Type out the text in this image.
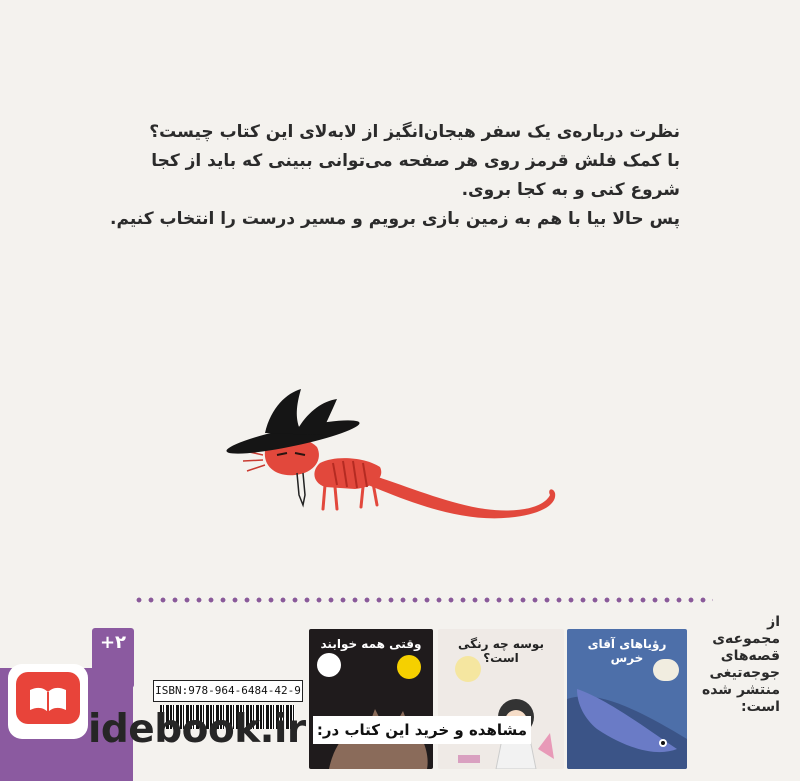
نظرت درباره‌ی یک سفر هیجان‌انگیز از لابه‌لای این کتاب چیست؟

با کمک فلش قرمز روی هر صفحه می‌توانی ببینی که باید از کجا

شروع کنی و به کجا بروی.

پس حالا بیا با هم به زمین بازی برویم و مسیر درست را انتخاب کنیم.

از مجموعه‌ی
قصه‌های
جوجه‌تیغی
منتشر شده
است:
رؤیاهای آقای خرس
بوسه چه رنگی است؟
وقتی همه خوابند
+۲
ISBN:978-964-6484-42-9
idebook.ir مشاهده و خرید این کتاب در:
